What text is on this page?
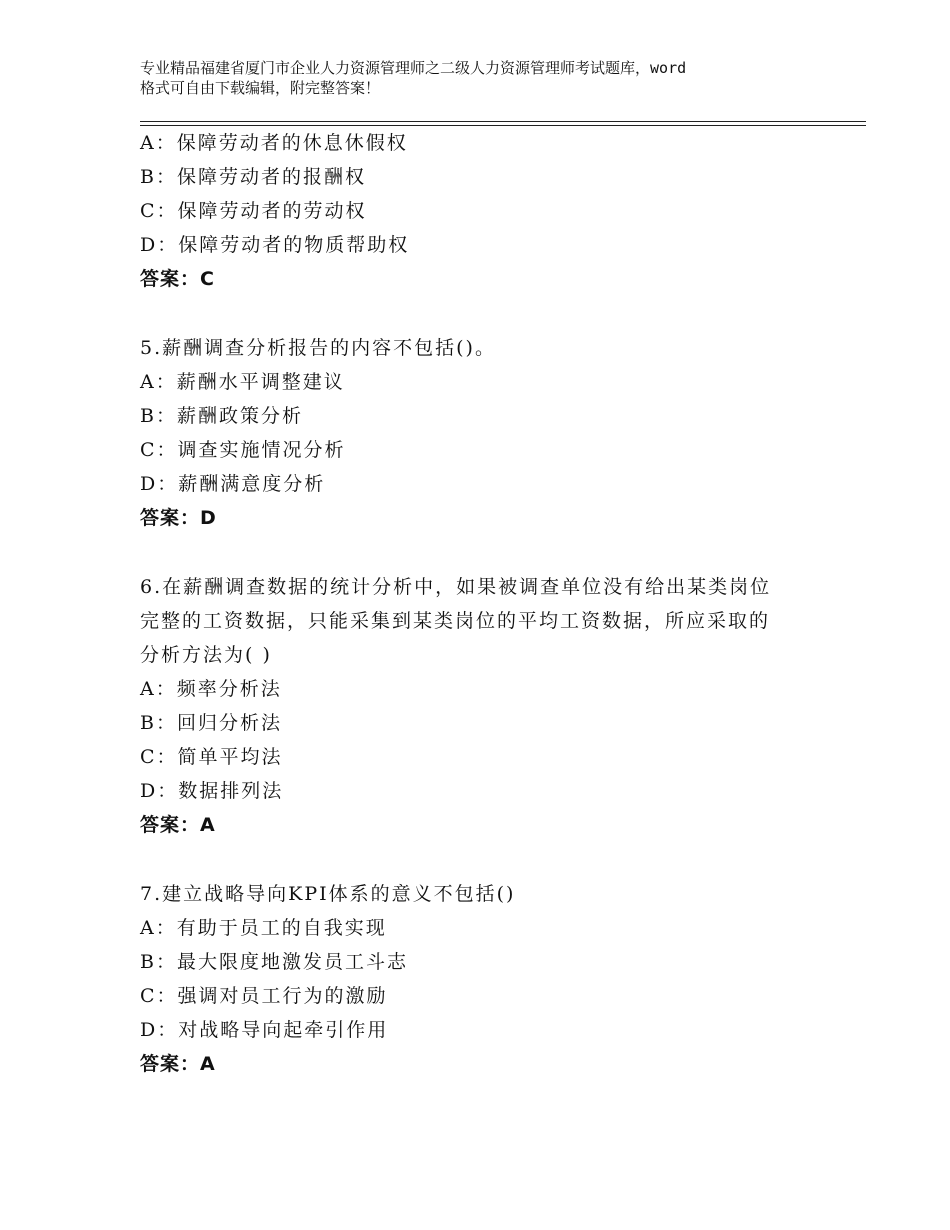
专业精品福建省厦门市企业人力资源管理师之二级人力资源管理师考试题库，word
格式可自由下载编辑，附完整答案！
A：保障劳动者的休息休假权
B：保障劳动者的报酬权
C：保障劳动者的劳动权
D：保障劳动者的物质帮助权
答案：C
5.薪酬调查分析报告的内容不包括()。
A：薪酬水平调整建议
B：薪酬政策分析
C：调查实施情况分析
D：薪酬满意度分析
答案：D
6.在薪酬调查数据的统计分析中，如果被调查单位没有给出某类岗位
完整的工资数据，只能采集到某类岗位的平均工资数据，所应采取的
分析方法为( )
A：频率分析法
B：回归分析法
C：简单平均法
D：数据排列法
答案：A
7.建立战略导向KPI体系的意义不包括()
A：有助于员工的自我实现
B：最大限度地激发员工斗志
C：强调对员工行为的激励
D：对战略导向起牵引作用
答案：A
